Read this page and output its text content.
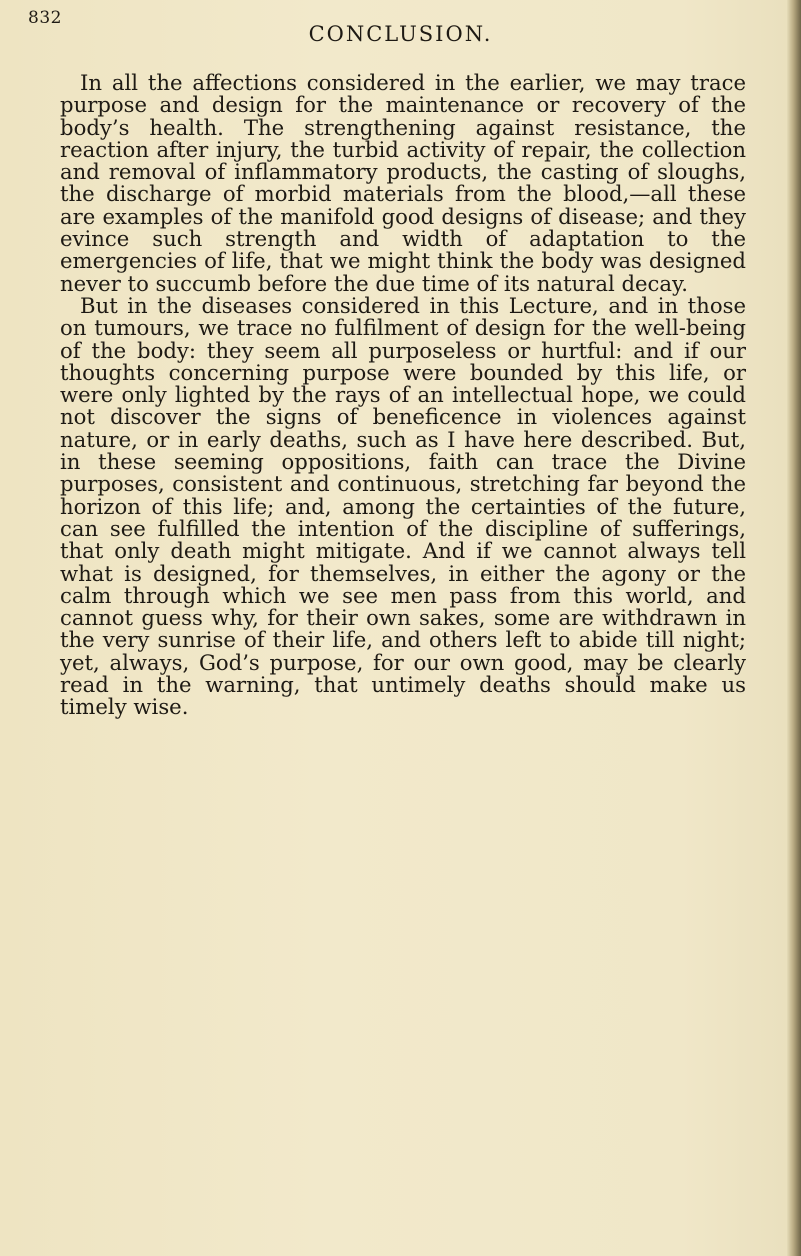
832
CONCLUSION.

In all the affections considered in the earlier, we may trace purpose and design for the maintenance or recovery of the body’s health. The strengthening against resistance, the reaction after injury, the turbid activity of repair, the collection and removal of inflammatory products, the casting of sloughs, the discharge of morbid materials from the blood,—all these are examples of the manifold good designs of disease; and they evince such strength and width of adaptation to the emergencies of life, that we might think the body was designed never to succumb before the due time of its natural decay.

But in the diseases considered in this Lecture, and in those on tumours, we trace no fulfilment of design for the well-being of the body: they seem all purposeless or hurtful: and if our thoughts concerning purpose were bounded by this life, or were only lighted by the rays of an intellectual hope, we could not discover the signs of beneficence in violences against nature, or in early deaths, such as I have here described. But, in these seeming oppositions, faith can trace the Divine purposes, consistent and continuous, stretching far beyond the horizon of this life; and, among the certainties of the future, can see fulfilled the intention of the discipline of sufferings, that only death might mitigate. And if we cannot always tell what is designed, for themselves, in either the agony or the calm through which we see men pass from this world, and cannot guess why, for their own sakes, some are withdrawn in the very sunrise of their life, and others left to abide till night; yet, always, God’s purpose, for our own good, may be clearly read in the warning, that untimely deaths should make us timely wise.
